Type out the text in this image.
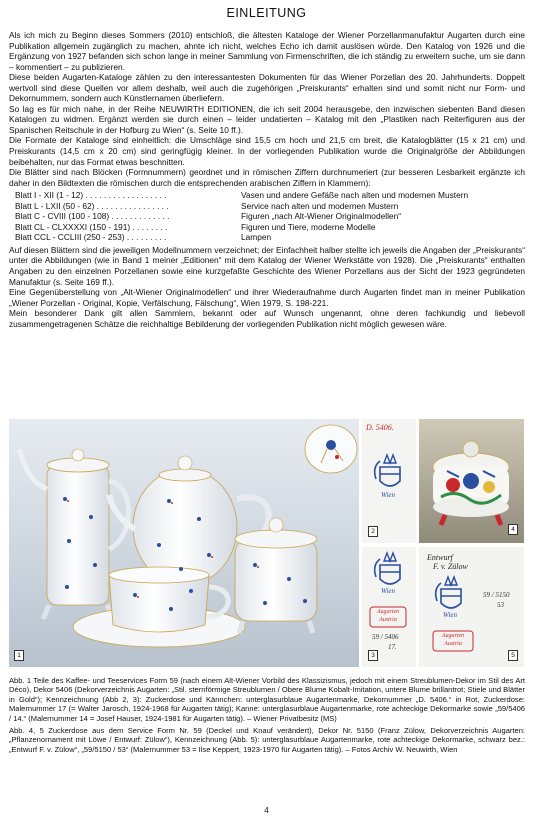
EINLEITUNG

Als ich mich zu Beginn dieses Sommers (2010) entschloß, die ältesten Kataloge der Wiener Porzellanmanufaktur Augarten durch eine Publikation allgemein zugänglich zu machen, ahnte ich nicht, welches Echo ich damit auslösen würde. Den Katalog von 1926 und die Ergänzung von 1927 befanden sich schon lange in meiner Sammlung von Firmenschriften, die ich ständig zu erweitern suche, um sie dann – kommentiert – zu publizieren.

Diese beiden Augarten-Kataloge zählen zu den interessantesten Dokumenten für das Wiener Porzellan des 20. Jahrhunderts. Doppelt wertvoll sind diese Quellen vor allem deshalb, weil auch die zugehörigen „Preiskurants“ erhalten sind und somit nicht nur Form- und Dekornummern, sondern auch Künstlernamen überliefern.

So lag es für mich nahe, in der Reihe NEUWIRTH EDITIONEN, die ich seit 2004 herausgebe, den inzwischen siebenten Band diesen Katalogen zu widmen. Ergänzt werden sie durch einen – leider undatierten – Katalog mit den „Plastiken nach Reiterfiguren aus der Spanischen Reitschule in der Hofburg zu Wien“ (s. Seite 10 ff.).

Die Formate der Kataloge sind einheitlich: die Umschläge sind 15,5 cm hoch und 21,5 cm breit, die Katalogblätter (15 x 21 cm) und Preiskurants (14,5 cm x 20 cm) sind geringfügig kleiner. In der vorliegenden Publikation wurde die Originalgröße der Abbildungen beibehalten, nur das Format etwas beschnitten.

Die Blätter sind nach Blöcken (Formnummern) geordnet und in römischen Ziffern durchnumeriert (zur besseren Lesbarkeit ergänzte ich daher in den Bildtexten die römischen durch die entsprechenden arabischen Ziffern in Klammern):

Blatt I - XII (1 - 12) . . . . . . . . . . . . . . . . . .	Vasen und andere Gefäße nach alten und modernen Mustern
Blatt L - LXII (50 - 62) . . . . . . . . . . . . . . . .	Service nach alten und modernen Mustern
Blatt C - CVIII (100 - 108) . . . . . . . . . . . . .	Figuren „nach Alt-Wiener Originalmodellen“
Blatt CL - CLXXXXI (150 - 191) . . . . . . . .	Figuren und Tiere, moderne Modelle
Blatt CCL - CCLIII (250 - 253) . . . . . . . . .	Lampen

Auf diesen Blättern sind die jeweiligen Modellnummern verzeichnet; der Einfachheit halber stellte ich jeweils die Angaben der „Preiskurants“ unter die Abbildungen (wie in Band 1 meiner „Editionen“ mit dem Katalog der Wiener Werkstätte von 1928). Die „Preiskurants“ enthalten Angaben zu den einzelnen Porzellanen sowie eine kurzgefaßte Geschichte des Wiener Porzellans aus der Sicht der 1923 gegründeten Manufaktur (s. Seite 169 ff.).

Eine Gegenüberstellung von „Alt-Wiener Originalmodellen“ und ihrer Wiederaufnahme durch Augarten findet man in meiner Publikation „Wiener Porzellan - Original, Kopie, Verfälschung, Fälschung“, Wien 1979, S. 198-221.

Mein besonderer Dank gilt allen Sammlern, bekannt oder auf Wunsch ungenannt, ohne deren fachkundig und liebevoll zusammengetragenen Schätze die reichhaltige Bebilderung der vorliegenden Publikation nicht möglich gewesen wäre.

1
D. 5406.
Wien
2	4
Wien
Augarten
Austria
59 / 5406
17.
3
Entwurf
F. v. Zülow
Wien
59 / 5150
53
Augarten
Austria
5

Abb. 1 Teile des Kaffee- und Teeservices Form 59 (nach einem Alt-Wiener Vorbild des Klassizismus, jedoch mit einem Streublumen-Dekor im Stil des Art Déco), Dekor 5406 (Dekorverzeichnis Augarten: „Stil. sternförmige Streublumen / Obere Blume Kobalt-Imitation, untere Blume brillantrot; Stiele und Blätter in Gold“); Kennzeichnung (Abb 2, 3): Zuckerdose und Kännchen: unterglasurblaue Augartenmarke, Dekornummer „D. 5406.“ in Rot, Zuckerdose: Malernummer 17 (= Walter Jarosch, 1924-1968 für Augarten tätig); Kanne: unterglasurblaue Augartenmarke, rote achteckige Dekormarke sowie „59/5406 / 14.“ (Malernummer 14 = Josef Hauser, 1924-1981 für Augarten tätig). – Wiener Privatbesitz (MS)

Abb. 4, 5 Zuckerdose aus dem Service Form Nr. 59 (Deckel und Knauf verändert), Dekor Nr. 5150 (Franz Zülow, Dekorverzeichnis Augarten: „Pflanzenornament mit Löwe / Entwurf: Zülow“), Kennzeichnung (Abb. 5): unterglasurblaue Augartenmarke, rote achteckige Dekormarke, schwarz bez.: „Entwurf F. v. Zülow“, „59/5150 / 53“ (Malernummer 53 = Ilse Keppert, 1923-1970 für Augarten tätig). – Fotos Archiv W. Neuwirth, Wien

4
